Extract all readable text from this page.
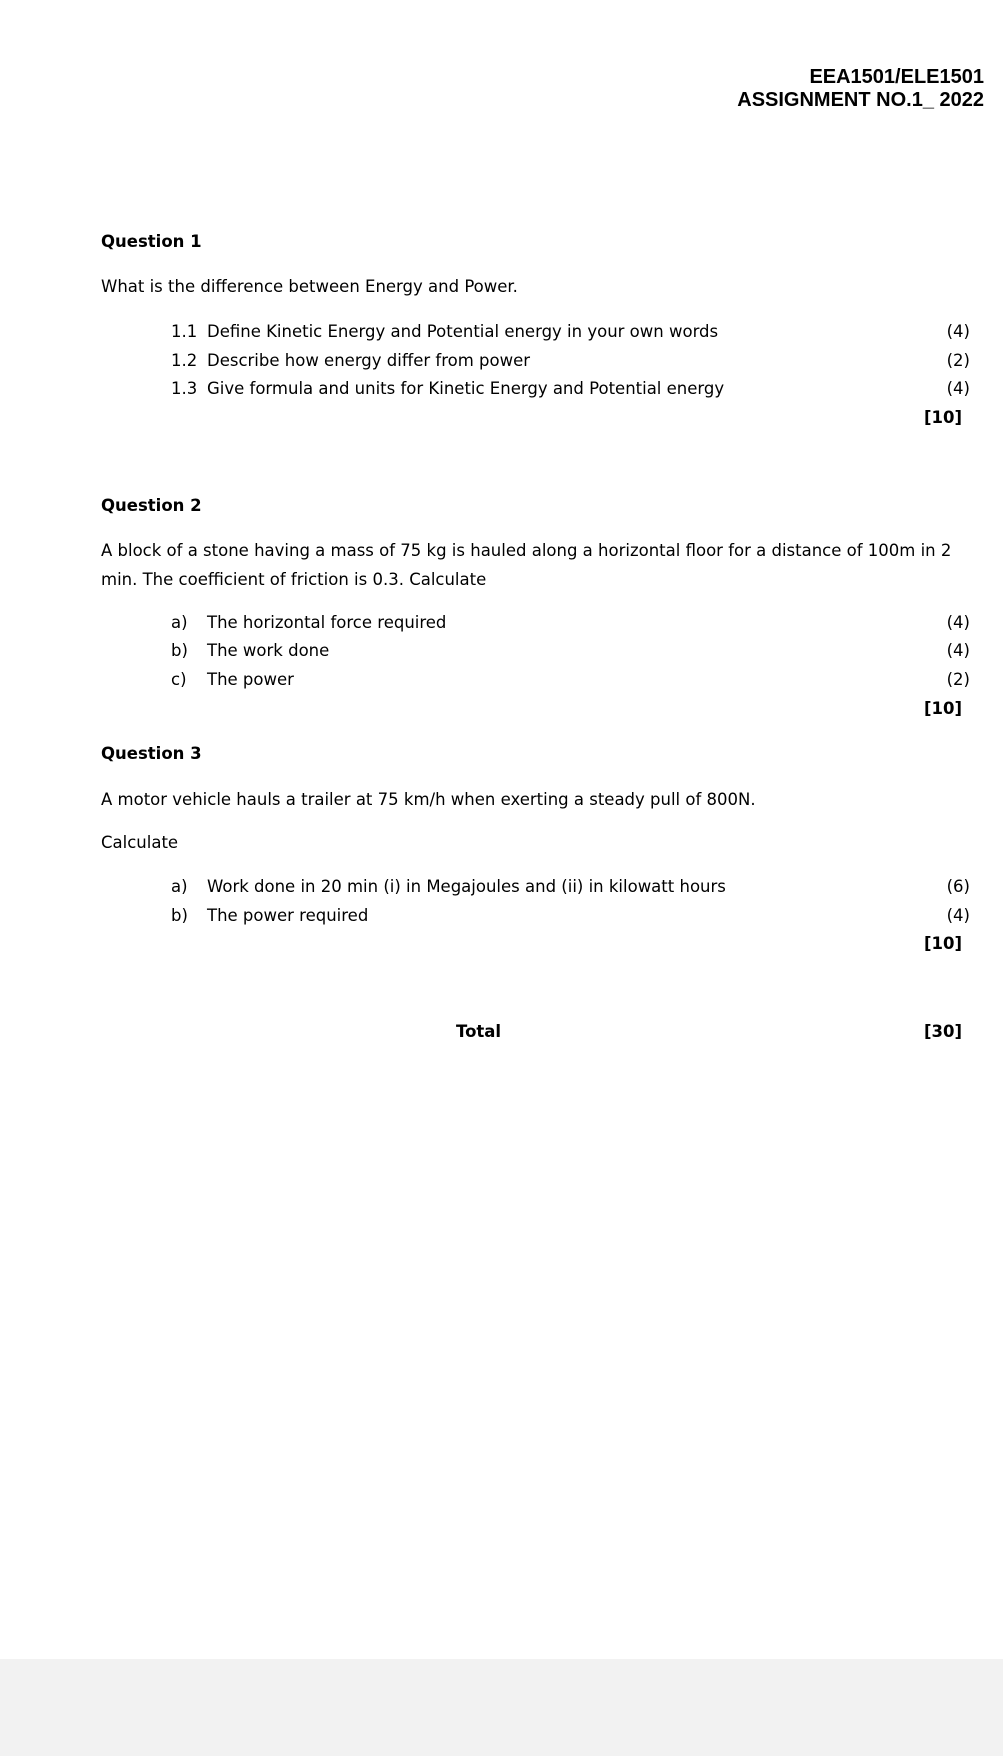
EEA1501/ELE1501
ASSIGNMENT NO.1_ 2022
Question 1
What is the difference between Energy and Power.
1.1 Define Kinetic Energy and Potential energy in your own words	(4)
1.2 Describe how energy differ from power	(2)
1.3 Give formula and units for Kinetic Energy and Potential energy	(4)
[10]
Question 2
A block of a stone having a mass of 75 kg is hauled along a horizontal floor for a distance of 100m in 2 min. The coefficient of friction is 0.3. Calculate
a) The horizontal force required	(4)
b) The work done	(4)
c) The power	(2)
[10]
Question 3
A motor vehicle hauls a trailer at 75 km/h when exerting a steady pull of 800N.
Calculate
a) Work done in 20 min (i) in Megajoules and (ii) in kilowatt hours	(6)
b) The power required	(4)
[10]
Total	[30]
